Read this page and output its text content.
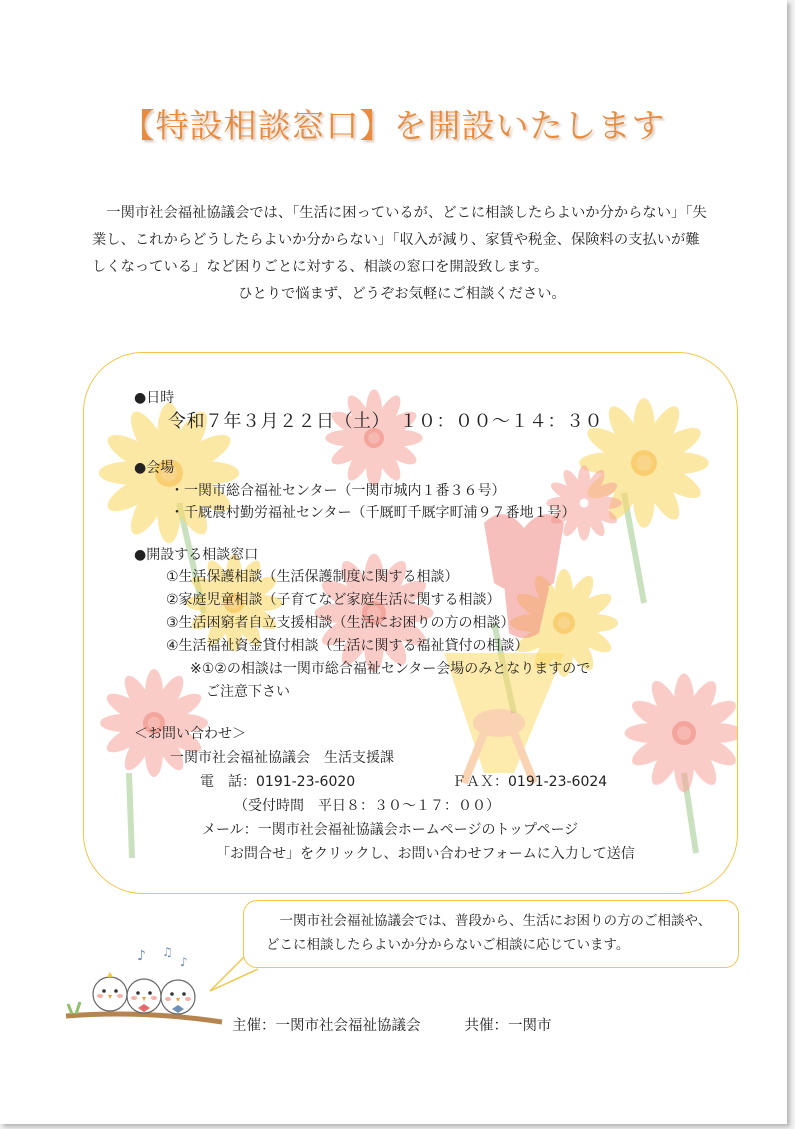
【特設相談窓口】を開設いたします

一関市社会福祉協議会では、「生活に困っているが、どこに相談したらよいか分からない」「失業し、これからどうしたらよいか分からない」「収入が減り、家賃や税金、保険料の支払いが難しくなっている」など困りごとに対する、相談の窓口を開設致します。

ひとりで悩まず、どうぞお気軽にご相談ください。

●日時
令和７年３月２２日（土）　１０：００～１４：３０
●会場
・一関市総合福祉センター（一関市城内１番３６号）
・千厩農村勤労福祉センター（千厩町千厩字町浦９７番地１号）
●開設する相談窓口
①生活保護相談（生活保護制度に関する相談）
②家庭児童相談（子育てなど家庭生活に関する相談）
③生活困窮者自立支援相談（生活にお困りの方の相談）
④生活福祉資金貸付相談（生活に関する福祉貸付の相談）
※①②の相談は一関市総合福祉センター会場のみとなりますので
ご注意下さい
＜お問い合わせ＞
一関市社会福祉協議会　生活支援課
電　話：0191-23-6020	ＦＡＸ：0191-23-6024
（受付時間　平日８：３０～１７：００）
メール：一関市社会福祉協議会ホームページのトップページ
「お問合せ」をクリックし、お問い合わせフォームに入力して送信

一関市社会福祉協議会では、普段から、生活にお困りの方のご相談や、

どこに相談したらよいか分からないご相談に応じています。
♪ ♫
♪
主催：一関市社会福祉協議会	共催：一関市
